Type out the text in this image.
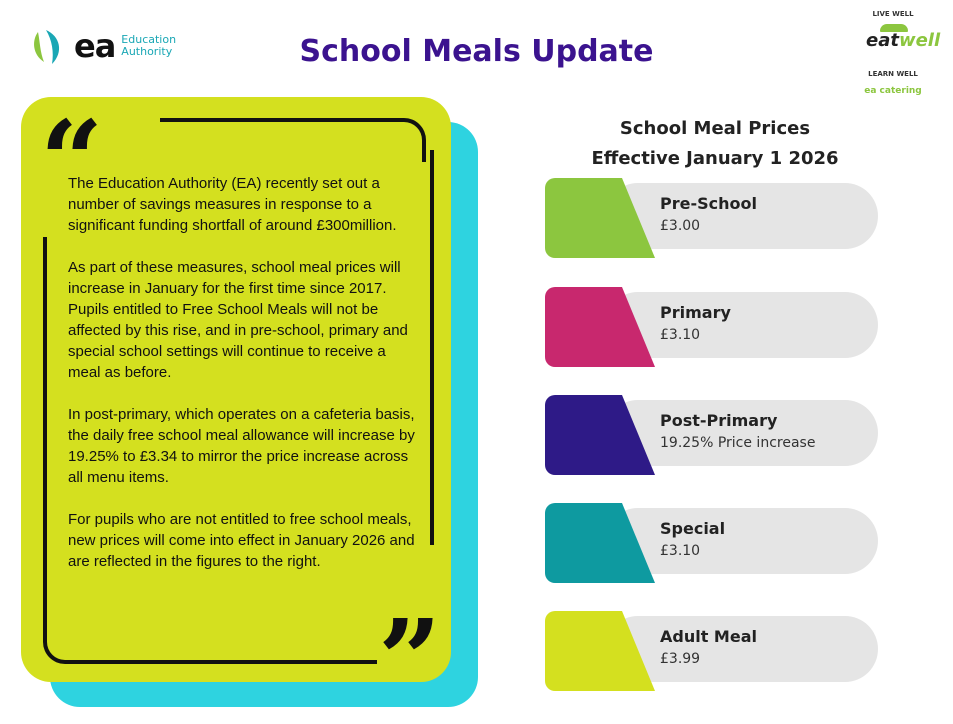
ea Education
Authority	School Meals Update
LIVE WELL
eatwell
LEARN WELL
ea catering
“
”

The Education Authority (EA) recently set out a number of savings measures in response to a significant funding shortfall of around £300million.

As part of these measures, school meal prices will increase in January for the first time since 2017. Pupils entitled to Free School Meals will not be affected by this rise, and in pre-school, primary and special school settings will continue to receive a meal as before.

In post-primary, which operates on a cafeteria basis, the daily free school meal allowance will increase by 19.25% to £3.34 to mirror the price increase across all menu items.

For pupils who are not entitled to free school meals, new prices will come into effect in January 2026 and are reflected in the figures to the right.

School Meal Prices
Effective January 1 2026
Pre-School
£3.00
Primary
£3.10
Post-Primary
19.25% Price increase
Special
£3.10
Adult Meal
£3.99
